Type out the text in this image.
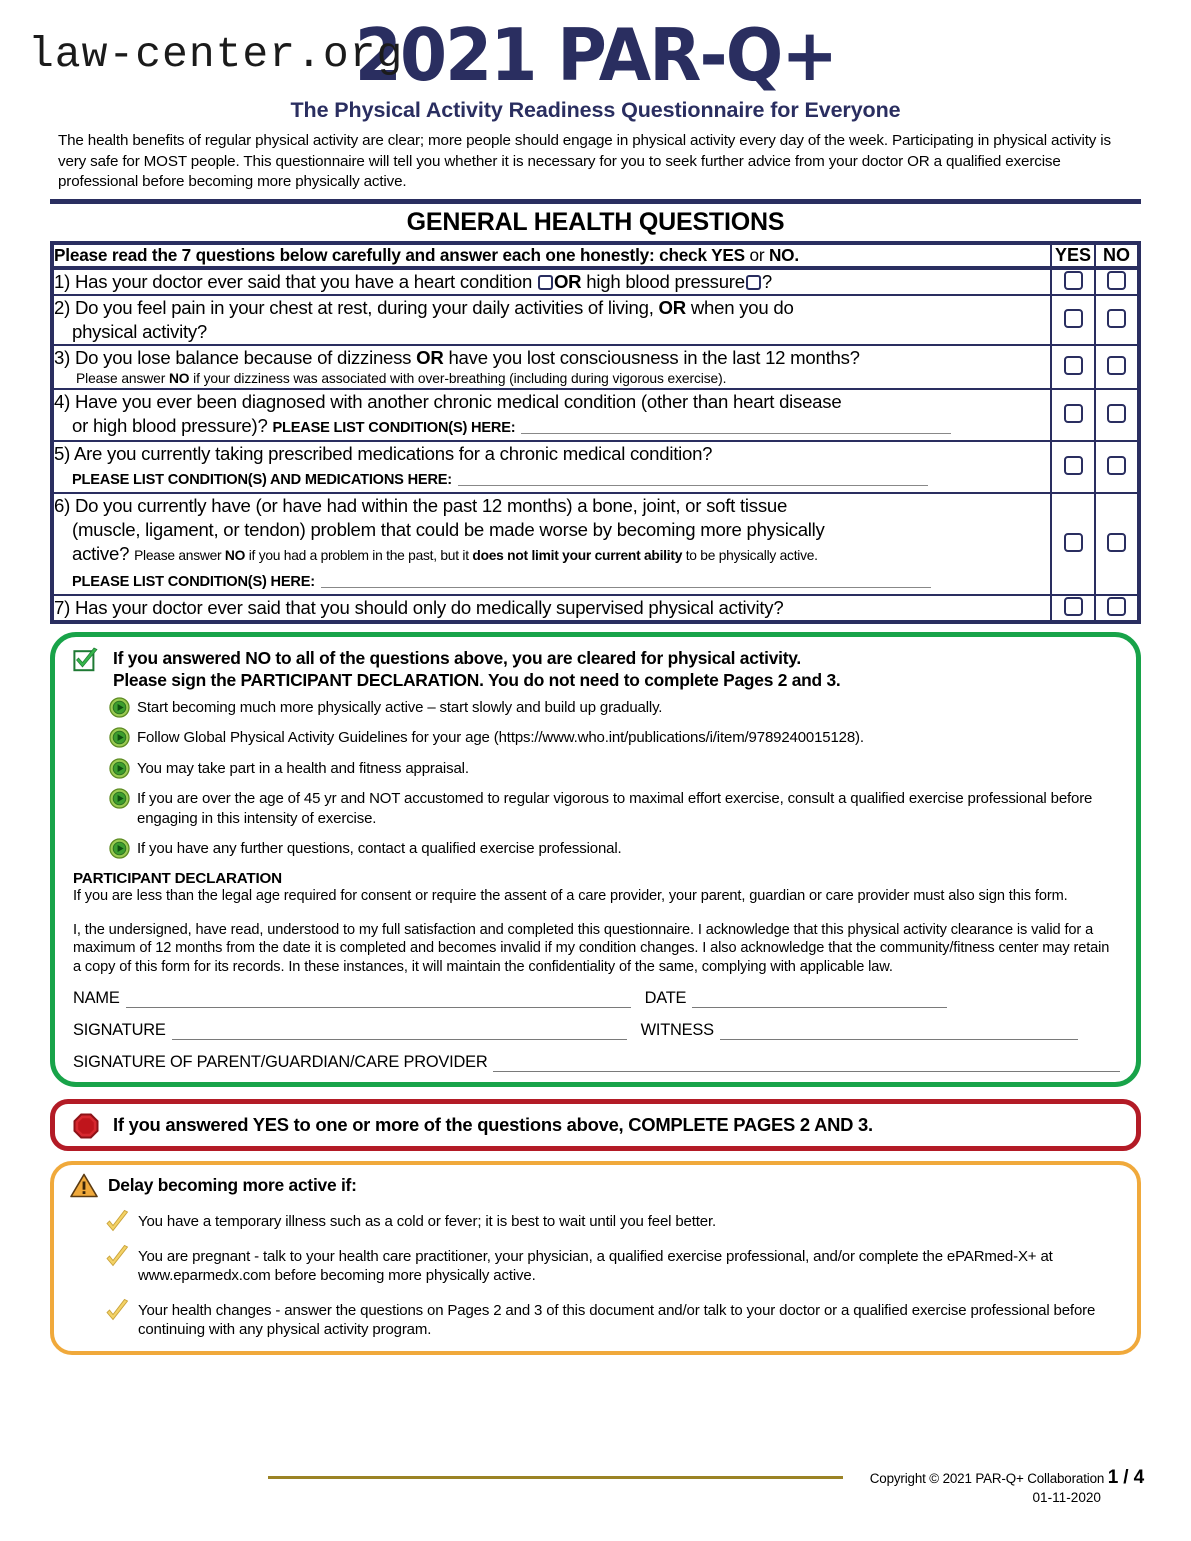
law-center.org
2021 PAR-Q+
The Physical Activity Readiness Questionnaire for Everyone
The health benefits of regular physical activity are clear; more people should engage in physical activity every day of the week. Participating in physical activity is very safe for MOST people. This questionnaire will tell you whether it is necessary for you to seek further advice from your doctor OR a qualified exercise professional before becoming more physically active.
GENERAL HEALTH QUESTIONS
Please read the 7 questions below carefully and answer each one honestly: check YES or NO.	YES	NO

1) Has your doctor ever said that you have a heart condition OR high blood pressure ?		

2) Do you feel pain in your chest at rest, during your daily activities of living, OR when you do
physical activity?		

3) Do you lose balance because of dizziness OR have you lost consciousness in the last 12 months?
Please answer NO if your dizziness was associated with over-breathing (including during vigorous exercise).		

4) Have you ever been diagnosed with another chronic medical condition (other than heart disease
or high blood pressure)? PLEASE LIST CONDITION(S) HERE:		

5) Are you currently taking prescribed medications for a chronic medical condition?
PLEASE LIST CONDITION(S) AND MEDICATIONS HERE:		

6) Do you currently have (or have had within the past 12 months) a bone, joint, or soft tissue
(muscle, ligament, or tendon) problem that could be made worse by becoming more physically
active? Please answer NO if you had a problem in the past, but it does not limit your current ability to be physically active.
PLEASE LIST CONDITION(S) HERE:		

7) Has your doctor ever said that you should only do medically supervised physical activity?		

If you answered NO to all of the questions above, you are cleared for physical activity.
Please sign the PARTICIPANT DECLARATION. You do not need to complete Pages 2 and 3.
Start becoming much more physically active – start slowly and build up gradually.
Follow Global Physical Activity Guidelines for your age (https://www.who.int/publications/i/item/9789240015128).
You may take part in a health and fitness appraisal.
If you are over the age of 45 yr and NOT accustomed to regular vigorous to maximal effort exercise, consult a qualified exercise professional before engaging in this intensity of exercise.
If you have any further questions, contact a qualified exercise professional.
PARTICIPANT DECLARATION
If you are less than the legal age required for consent or require the assent of a care provider, your parent, guardian or care provider must also sign this form.
I, the undersigned, have read, understood to my full satisfaction and completed this questionnaire. I acknowledge that this physical activity clearance is valid for a maximum of 12 months from the date it is completed and becomes invalid if my condition changes. I also acknowledge that the community/fitness center may retain a copy of this form for its records. In these instances, it will maintain the confidentiality of the same, complying with applicable law.
NAME	DATE
SIGNATURE	WITNESS
SIGNATURE OF PARENT/GUARDIAN/CARE PROVIDER
If you answered YES to one or more of the questions above, COMPLETE PAGES 2 AND 3.
Delay becoming more active if:
You have a temporary illness such as a cold or fever; it is best to wait until you feel better.
You are pregnant - talk to your health care practitioner, your physician, a qualified exercise professional, and/or complete the ePARmed-X+ at www.eparmedx.com before becoming more physically active.
Your health changes - answer the questions on Pages 2 and 3 of this document and/or talk to your doctor or a qualified exercise professional before continuing with any physical activity program.
Copyright © 2021 PAR-Q+ Collaboration 1 / 4
01-11-2020
